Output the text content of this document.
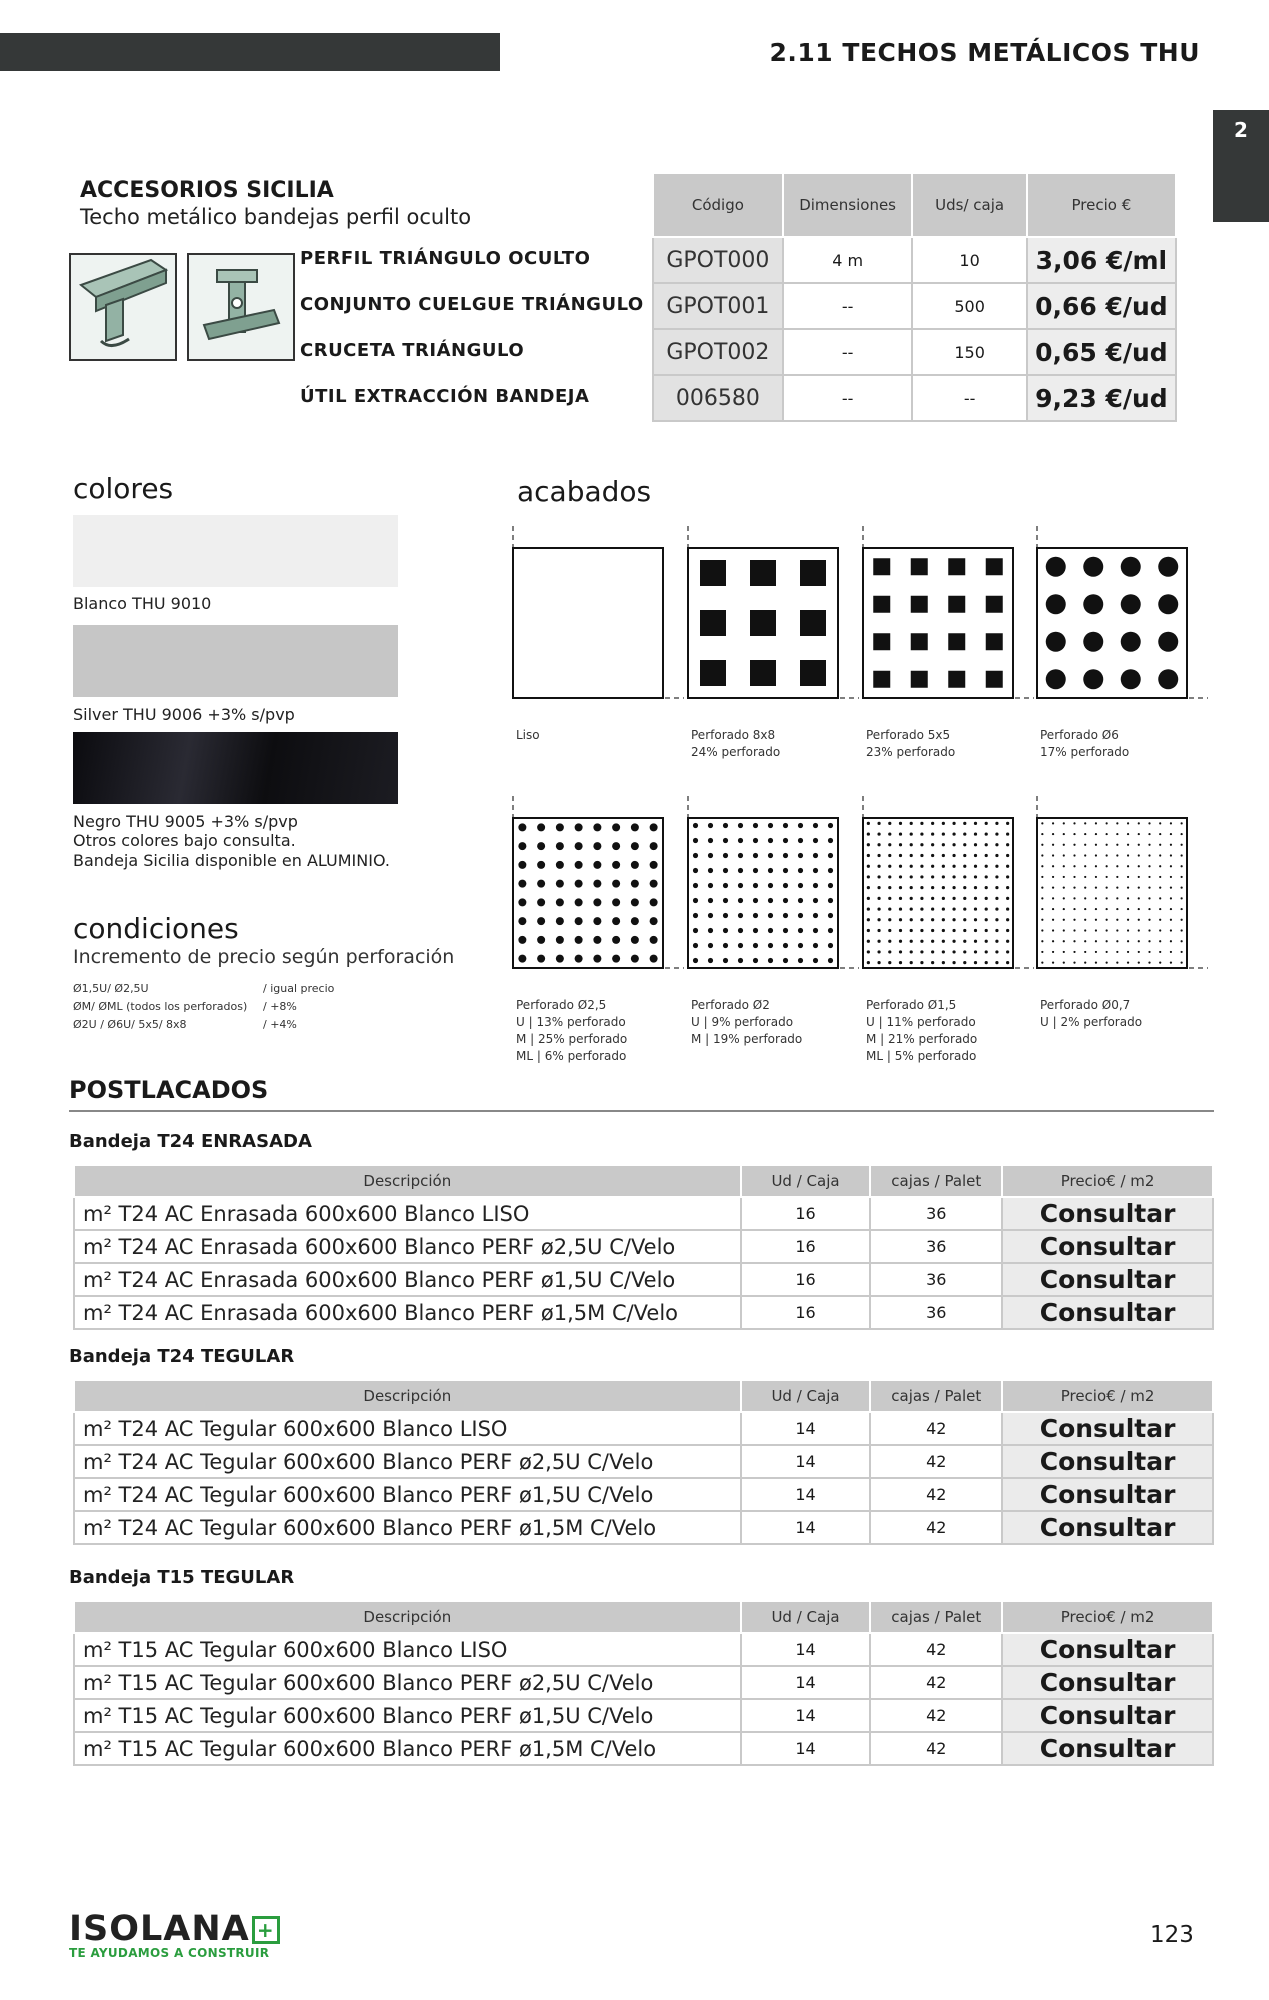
2.11 TECHOS METÁLICOS THU
2
ACCESORIOS SICILIA
Techo metálico bandejas perfil oculto
PERFIL TRIÁNGULO OCULTO
CONJUNTO CUELGUE TRIÁNGULO
CRUCETA TRIÁNGULO
ÚTIL EXTRACCIÓN BANDEJA
Código	Dimensiones	Uds/ caja	Precio €
GPOT000	4 m	10	3,06 €/ml
GPOT001	--	500	0,66 €/ud
GPOT002	--	150	0,65 €/ud
006580	--	--	9,23 €/ud
colores
Blanco THU 9010
Silver THU 9006 +3% s/pvp
Negro THU 9005 +3% s/pvp
Otros colores bajo consulta.
Bandeja Sicilia disponible en ALUMINIO.
acabados
Liso	Perforado 8x8
24% perforado
Perforado 5x5
23% perforado
Perforado Ø6
17% perforado
Perforado Ø2,5
U | 13% perforado
M | 25% perforado
ML | 6% perforado
Perforado Ø2
U | 9% perforado
M | 19% perforado
Perforado Ø1,5
U | 11% perforado
M | 21% perforado
ML | 5% perforado
Perforado Ø0,7
U | 2% perforado
condiciones
Incremento de precio según perforación
Ø1,5U/ Ø2,5U	/ igual precio
ØM/ ØML (todos los perforados) / +8%
Ø2U / Ø6U/ 5x5/ 8x8	/ +4%
POSTLACADOS
Bandeja T24 ENRASADA
Descripción	Ud / Caja	cajas / Palet	Precio€ / m2
m² T24 AC Enrasada 600x600 Blanco LISO	16	36	Consultar
m² T24 AC Enrasada 600x600 Blanco PERF ø2,5U C/Velo	16	36	Consultar
m² T24 AC Enrasada 600x600 Blanco PERF ø1,5U C/Velo	16	36	Consultar
m² T24 AC Enrasada 600x600 Blanco PERF ø1,5M C/Velo	16	36	Consultar
Bandeja T24 TEGULAR
Descripción	Ud / Caja	cajas / Palet	Precio€ / m2
m² T24 AC Tegular 600x600 Blanco LISO	14	42	Consultar
m² T24 AC Tegular 600x600 Blanco PERF ø2,5U C/Velo	14	42	Consultar
m² T24 AC Tegular 600x600 Blanco PERF ø1,5U C/Velo	14	42	Consultar
m² T24 AC Tegular 600x600 Blanco PERF ø1,5M C/Velo	14	42	Consultar
Bandeja T15 TEGULAR
Descripción	Ud / Caja	cajas / Palet	Precio€ / m2
m² T15 AC Tegular 600x600 Blanco LISO	14	42	Consultar
m² T15 AC Tegular 600x600 Blanco PERF ø2,5U C/Velo	14	42	Consultar
m² T15 AC Tegular 600x600 Blanco PERF ø1,5U C/Velo	14	42	Consultar
m² T15 AC Tegular 600x600 Blanco PERF ø1,5M C/Velo	14	42	Consultar
ISOLANA +
TE AYUDAMOS A CONSTRUIR
123
